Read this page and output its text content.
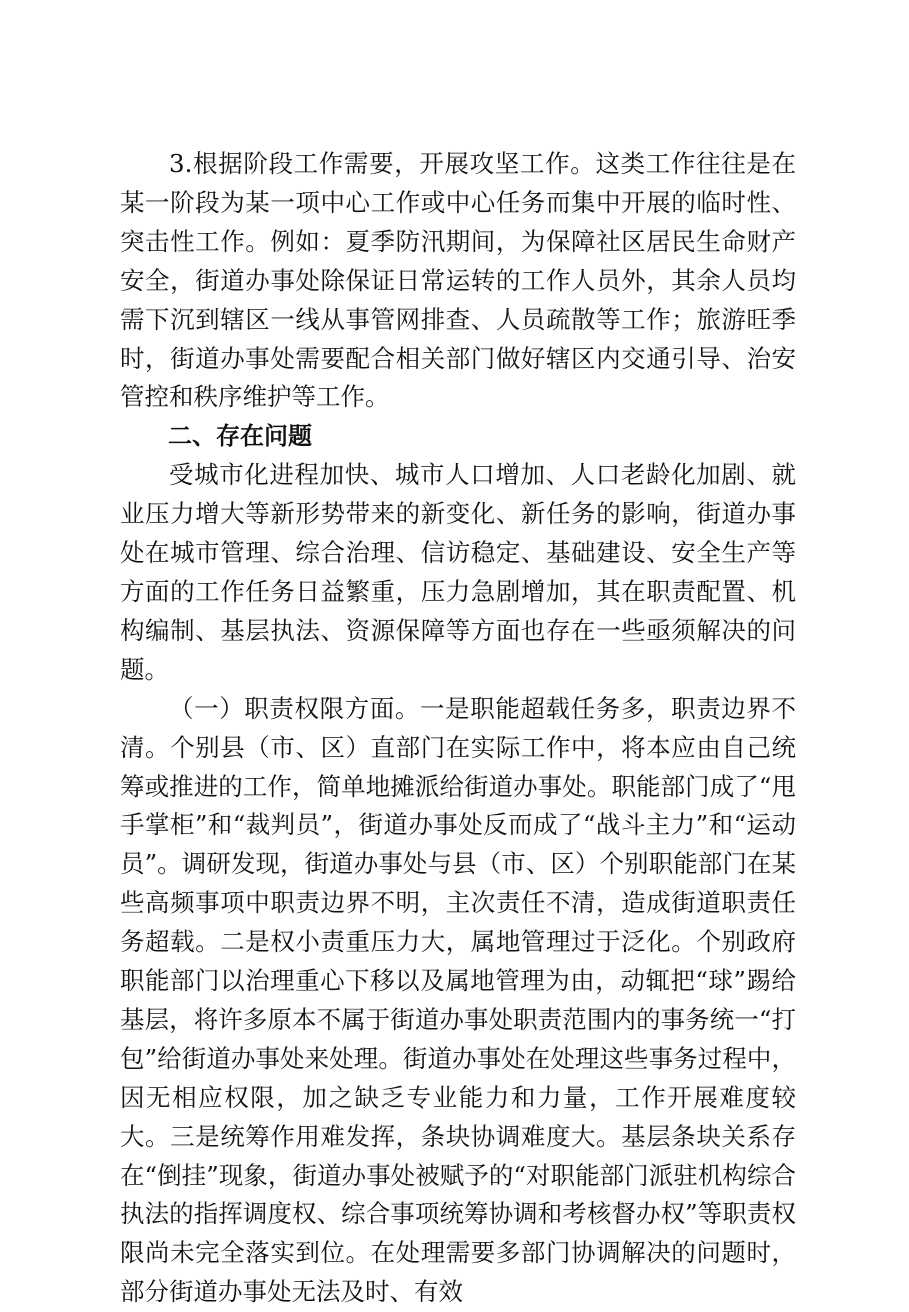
3.根据阶段工作需要，开展攻坚工作。这类工作往往是在某一阶段为某一项中心工作或中心任务而集中开展的临时性、突击性工作。例如：夏季防汛期间，为保障社区居民生命财产安全，街道办事处除保证日常运转的工作人员外，其余人员均需下沉到辖区一线从事管网排查、人员疏散等工作；旅游旺季时，街道办事处需要配合相关部门做好辖区内交通引导、治安管控和秩序维护等工作。

二、存在问题

受城市化进程加快、城市人口增加、人口老龄化加剧、就业压力增大等新形势带来的新变化、新任务的影响，街道办事处在城市管理、综合治理、信访稳定、基础建设、安全生产等方面的工作任务日益繁重，压力急剧增加，其在职责配置、机构编制、基层执法、资源保障等方面也存在一些亟须解决的问题。

（一）职责权限方面。一是职能超载任务多，职责边界不清。个别县（市、区）直部门在实际工作中，将本应由自己统筹或推进的工作，简单地摊派给街道办事处。职能部门成了“甩手掌柜”和“裁判员”，街道办事处反而成了“战斗主力”和“运动员”。调研发现，街道办事处与县（市、区）个别职能部门在某些高频事项中职责边界不明，主次责任不清，造成街道职责任务超载。二是权小责重压力大，属地管理过于泛化。个别政府职能部门以治理重心下移以及属地管理为由，动辄把“球”踢给基层，将许多原本不属于街道办事处职责范围内的事务统一“打包”给街道办事处来处理。街道办事处在处理这些事务过程中，因无相应权限，加之缺乏专业能力和力量，工作开展难度较大。三是统筹作用难发挥，条块协调难度大。基层条块关系存在“倒挂”现象，街道办事处被赋予的“对职能部门派驻机构综合执法的指挥调度权、综合事项统筹协调和考核督办权”等职责权限尚未完全落实到位。在处理需要多部门协调解决的问题时，部分街道办事处无法及时、有效
